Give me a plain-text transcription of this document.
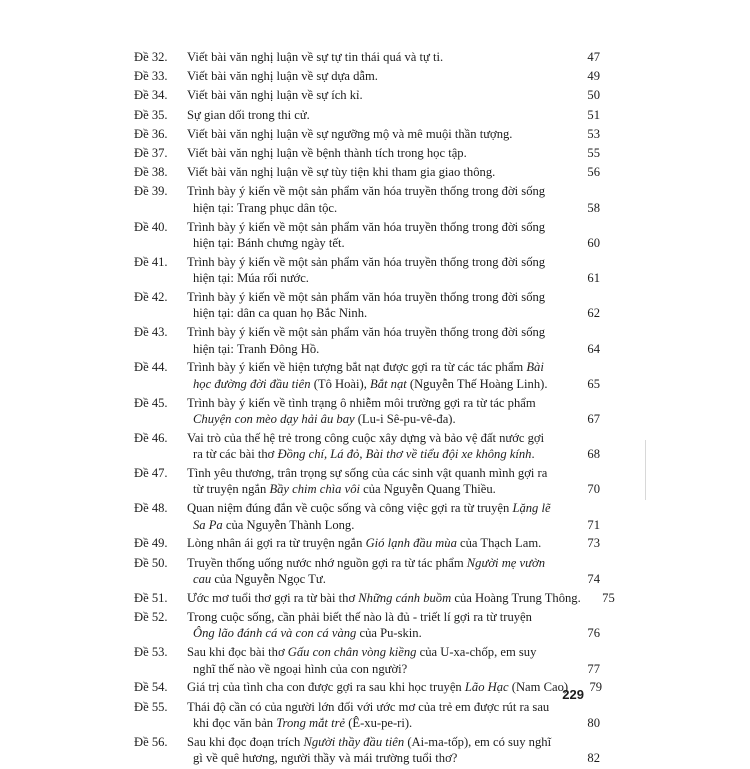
Đề 32.	Viết bài văn nghị luận về sự tự tin thái quá và tự ti.	47
Đề 33.	Viết bài văn nghị luận về sự dựa dẫm.	49
Đề 34.	Viết bài văn nghị luận về sự ích kỉ.	50
Đề 35.	Sự gian dối trong thi cử.	51
Đề 36.	Viết bài văn nghị luận về sự ngưỡng mộ và mê muội thần tượng.	53
Đề 37.	Viết bài văn nghị luận về bệnh thành tích trong học tập.	55
Đề 38.	Viết bài văn nghị luận về sự tùy tiện khi tham gia giao thông.	56
Đề 39.	Trình bày ý kiến về một sản phẩm văn hóa truyền thống trong đời sống
hiện tại: Trang phục dân tộc.	58
Đề 40.	Trình bày ý kiến về một sản phẩm văn hóa truyền thống trong đời sống
hiện tại: Bánh chưng ngày tết.	60
Đề 41.	Trình bày ý kiến về một sản phẩm văn hóa truyền thống trong đời sống
hiện tại: Múa rối nước.	61
Đề 42.	Trình bày ý kiến về một sản phẩm văn hóa truyền thống trong đời sống
hiện tại: dân ca quan họ Bắc Ninh.	62
Đề 43.	Trình bày ý kiến về một sản phẩm văn hóa truyền thống trong đời sống
hiện tại: Tranh Đông Hồ.	64
Đề 44.	Trình bày ý kiến về hiện tượng bắt nạt được gợi ra từ các tác phẩm Bài
học đường đời đầu tiên (Tô Hoài), Bắt nạt (Nguyễn Thế Hoàng Linh).	65
Đề 45.	Trình bày ý kiến về tình trạng ô nhiễm môi trường gợi ra từ tác phẩm
Chuyện con mèo dạy hải âu bay (Lu-i Sê-pu-vê-đa).	67
Đề 46.	Vai trò của thế hệ trẻ trong công cuộc xây dựng và bảo vệ đất nước gợi
ra từ các bài thơ Đồng chí, Lá đỏ, Bài thơ về tiểu đội xe không kính.	68
Đề 47.	Tình yêu thương, trân trọng sự sống của các sinh vật quanh mình gợi ra
từ truyện ngắn Bầy chim chìa vôi của Nguyễn Quang Thiều.	70
Đề 48.	Quan niệm đúng đắn về cuộc sống và công việc gợi ra từ truyện Lặng lẽ
Sa Pa của Nguyễn Thành Long.	71
Đề 49.	Lòng nhân ái gợi ra từ truyện ngắn Gió lạnh đầu mùa của Thạch Lam.	73
Đề 50.	Truyền thống uống nước nhớ nguồn gợi ra từ tác phẩm Người mẹ vườn
cau của Nguyễn Ngọc Tư.	74
Đề 51.	Ước mơ tuổi thơ gợi ra từ bài thơ Những cánh buồm của Hoàng Trung Thông.	75
Đề 52.	Trong cuộc sống, cần phải biết thế nào là đủ - triết lí gợi ra từ truyện
Ông lão đánh cá và con cá vàng của Pu-skin.	76
Đề 53.	Sau khi đọc bài thơ Gấu con chân vòng kiềng của U-xa-chốp, em suy
nghĩ thế nào về ngoại hình của con người?	77
Đề 54.	Giá trị của tình cha con được gợi ra sau khi học truyện Lão Hạc (Nam Cao)	79
Đề 55.	Thái độ cần có của người lớn đối với ước mơ của trẻ em được rút ra sau
khi đọc văn bản Trong mắt trẻ (Ê-xu-pe-ri).	80
Đề 56.	Sau khi đọc đoạn trích Người thầy đầu tiên (Ai-ma-tốp), em có suy nghĩ
gì về quê hương, người thầy và mái trường tuổi thơ?	82
229
